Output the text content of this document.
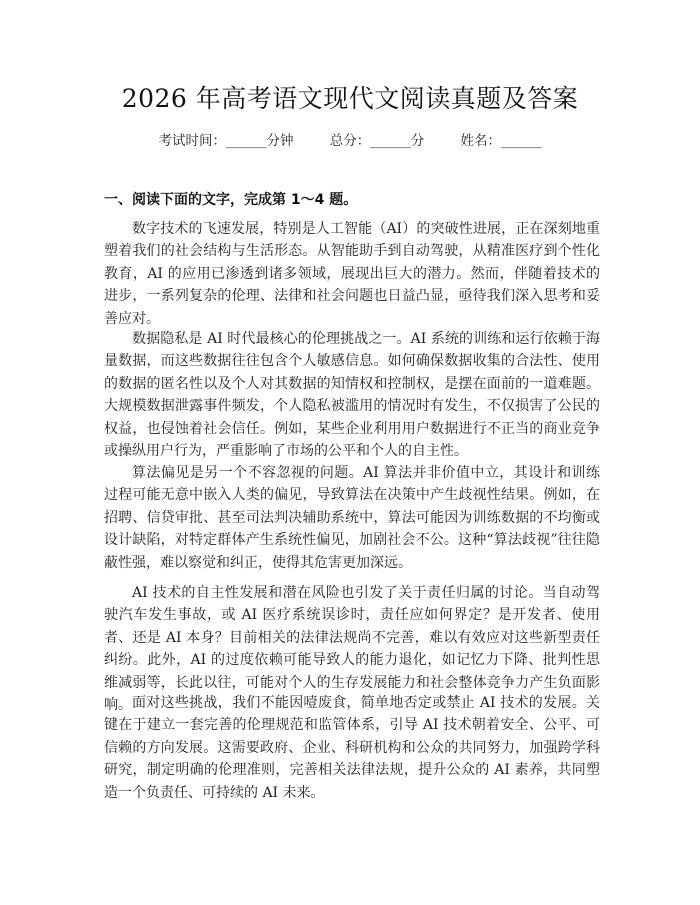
2026 年高考语文现代文阅读真题及答案
考试时间：______分钟	总分：______分	姓名：______
一、阅读下面的文字，完成第 1～4 题。

数字技术的飞速发展，特别是人工智能（AI）的突破性进展，正在深刻地重塑着我们的社会结构与生活形态。从智能助手到自动驾驶，从精准医疗到个性化教育，AI 的应用已渗透到诸多领域，展现出巨大的潜力。然而，伴随着技术的进步，一系列复杂的伦理、法律和社会问题也日益凸显，亟待我们深入思考和妥善应对。

数据隐私是 AI 时代最核心的伦理挑战之一。AI 系统的训练和运行依赖于海量数据，而这些数据往往包含个人敏感信息。如何确保数据收集的合法性、使用的数据的匿名性以及个人对其数据的知情权和控制权，是摆在面前的一道难题。大规模数据泄露事件频发，个人隐私被滥用的情况时有发生，不仅损害了公民的权益，也侵蚀着社会信任。例如，某些企业利用用户数据进行不正当的商业竞争或操纵用户行为，严重影响了市场的公平和个人的自主性。

算法偏见是另一个不容忽视的问题。AI 算法并非价值中立，其设计和训练过程可能无意中嵌入人类的偏见，导致算法在决策中产生歧视性结果。例如，在招聘、信贷审批、甚至司法判决辅助系统中，算法可能因为训练数据的不均衡或设计缺陷，对特定群体产生系统性偏见，加剧社会不公。这种“算法歧视”往往隐蔽性强，难以察觉和纠正，使得其危害更加深远。

AI 技术的自主性发展和潜在风险也引发了关于责任归属的讨论。当自动驾驶汽车发生事故，或 AI 医疗系统误诊时，责任应如何界定？是开发者、使用者、还是 AI 本身？目前相关的法律法规尚不完善，难以有效应对这些新型责任纠纷。此外，AI 的过度依赖可能导致人的能力退化，如记忆力下降、批判性思维减弱等，长此以往，可能对个人的生存发展能力和社会整体竞争力产生负面影响。 面对这些挑战，我们不能因噎废食，简单地否定或禁止 AI 技术的发展。关键在于建立一套完善的伦理规范和监管体系，引导 AI 技术朝着安全、公平、可信赖的方向发展。这需要政府、企业、科研机构和公众的共同努力，加强跨学科研究，制定明确的伦理准则，完善相关法律法规，提升公众的 AI 素养，共同塑造一个负责任、可持续的 AI 未来。
